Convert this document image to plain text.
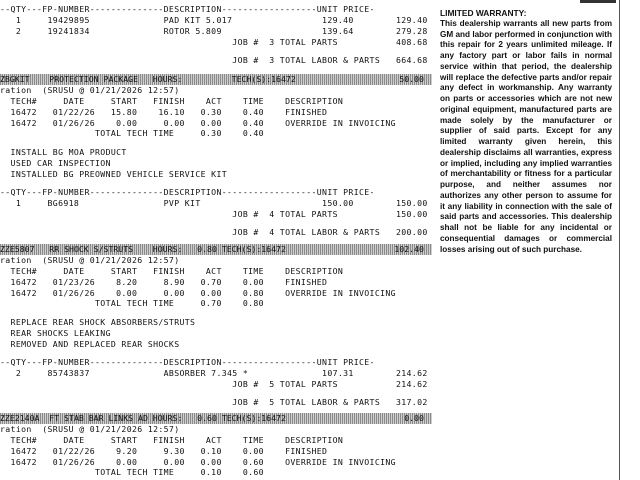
--QTY---FP-NUMBER--------------DESCRIPTION------------------UNIT PRICE-
1     19429895              PAD KIT 5.017                 129.40        129.40
2     19241834              ROTOR 5.809                   139.64        279.28
JOB #  3 TOTAL PARTS           408.68
JOB #  3 TOTAL LABOR & PARTS   664.68
ZBGKIT    PROTECTION PACKAGE   HOURS:          TECH(S):16472                     50.00
ration  (SRUSU @ 01/21/2026 12:57)
TECH#     DATE     START   FINISH    ACT    TIME    DESCRIPTION
16472   01/22/26   15.80    16.10   0.30    0.40    FINISHED
16472   01/26/26    0.00     0.00   0.00    0.40    OVERRIDE IN INVOICING
TOTAL TECH TIME     0.30    0.40
INSTALL BG MOA PRODUCT
USED CAR INSPECTION
INSTALLED BG PREOWNED VEHICLE SERVICE KIT
--QTY---FP-NUMBER--------------DESCRIPTION------------------UNIT PRICE-
1     BG6918                PVP KIT                       150.00        150.00
JOB #  4 TOTAL PARTS           150.00
JOB #  4 TOTAL LABOR & PARTS   200.00
ZZE5807   RR SHOCK S/STRUTS    HOURS:   0.80 TECH(S):16472                      102.40
ration  (SRUSU @ 01/21/2026 12:57)
TECH#     DATE     START   FINISH    ACT    TIME    DESCRIPTION
16472   01/23/26    8.20     8.90   0.70    0.00    FINISHED
16472   01/26/26    0.00     0.00   0.00    0.80    OVERRIDE IN INVOICING
TOTAL TECH TIME     0.70    0.80
REPLACE REAR SHOCK ABSORBERS/STRUTS
REAR SHOCKS LEAKING
REMOVED AND REPLACED REAR SHOCKS
--QTY---FP-NUMBER--------------DESCRIPTION------------------UNIT PRICE-
2     85743837              ABSORBER 7.345 *              107.31        214.62
JOB #  5 TOTAL PARTS           214.62
JOB #  5 TOTAL LABOR & PARTS   317.02
ZZE2140A  FT STAB BAR LINKS AD HOURS:   0.60 TECH(S):16472                        0.00
ration  (SRUSU @ 01/21/2026 12:57)
TECH#     DATE     START   FINISH    ACT    TIME    DESCRIPTION
16472   01/22/26    9.20     9.30   0.10    0.00    FINISHED
16472   01/26/26    0.00     0.00   0.00    0.60    OVERRIDE IN INVOICING
TOTAL TECH TIME     0.10    0.60
LIMITED WARRANTY:
This dealership warrants all new parts from GM and labor performed in conjunction with this repair for 2 years unlimited mileage. If any factory part or labor fails in normal service within that period, the dealership will replace the defective parts and/or repair any defect in workmanship. Any warranty on parts or accessories which are not new original equipment, manufactured parts are made solely by the manufacturer or supplier of said parts. Except for any limited warranty given herein, this dealership disclaims all warranties, express or implied, including any implied warranties of merchantability or fitness for a particular purpose, and neither assumes nor authorizes any other person to assume for it any liability in connection with the sale of said parts and accessories. This dealership shall not be liable for any incidental or consequential damages or commercial losses arising out of such purchase.
